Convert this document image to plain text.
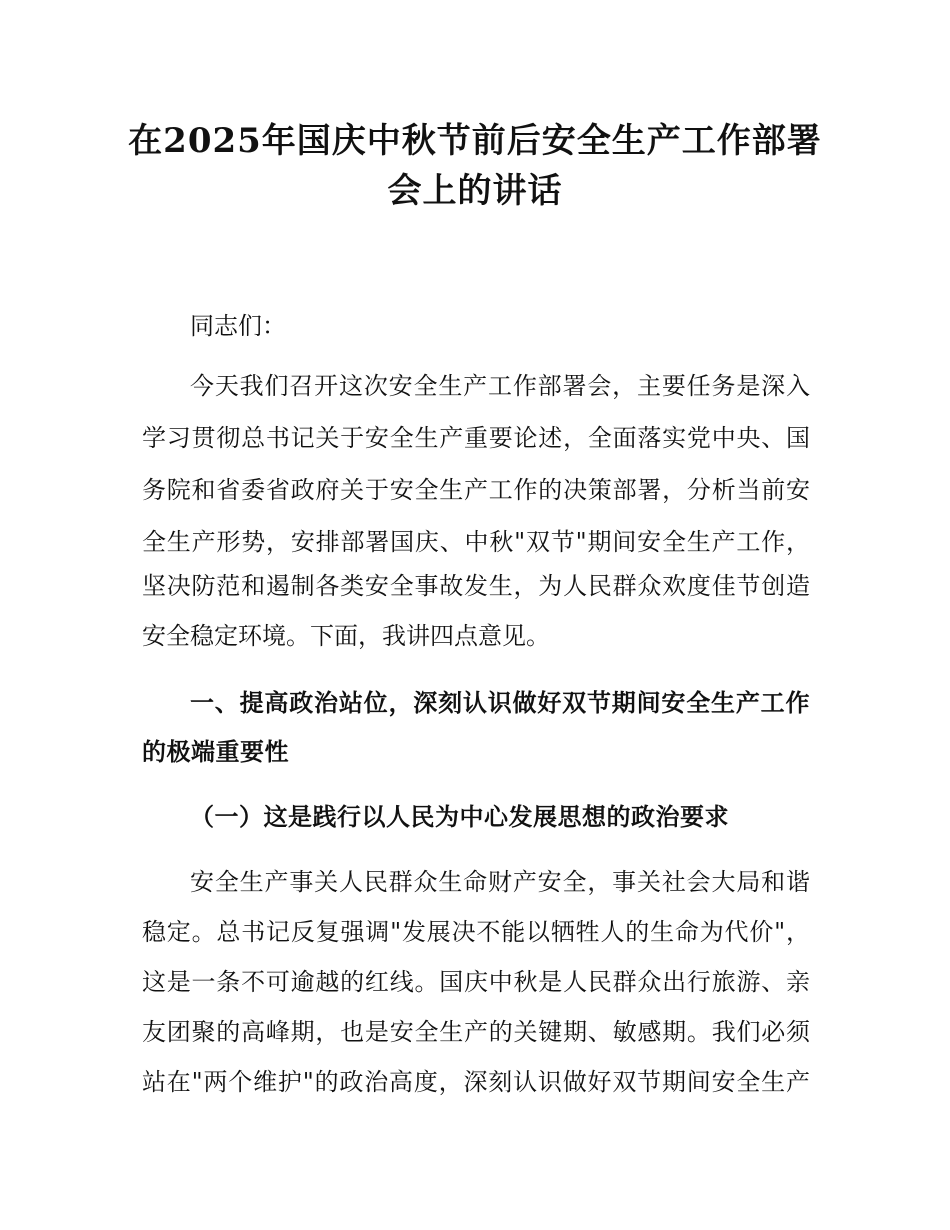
在2025年国庆中秋节前后安全生产工作部署
会上的讲话
同志们：
今天我们召开这次安全生产工作部署会，主要任务是深入
学习贯彻总书记关于安全生产重要论述，全面落实党中央、国
务院和省委省政府关于安全生产工作的决策部署，分析当前安
全生产形势，安排部署国庆、中秋"双节"期间安全生产工作，
坚决防范和遏制各类安全事故发生，为人民群众欢度佳节创造
安全稳定环境。下面，我讲四点意见。
一、提高政治站位，深刻认识做好双节期间安全生产工作
的极端重要性
（一）这是践行以人民为中心发展思想的政治要求
安全生产事关人民群众生命财产安全，事关社会大局和谐
稳定。总书记反复强调"发展决不能以牺牲人的生命为代价"，
这是一条不可逾越的红线。国庆中秋是人民群众出行旅游、亲
友团聚的高峰期，也是安全生产的关键期、敏感期。我们必须
站在"两个维护"的政治高度，深刻认识做好双节期间安全生产
